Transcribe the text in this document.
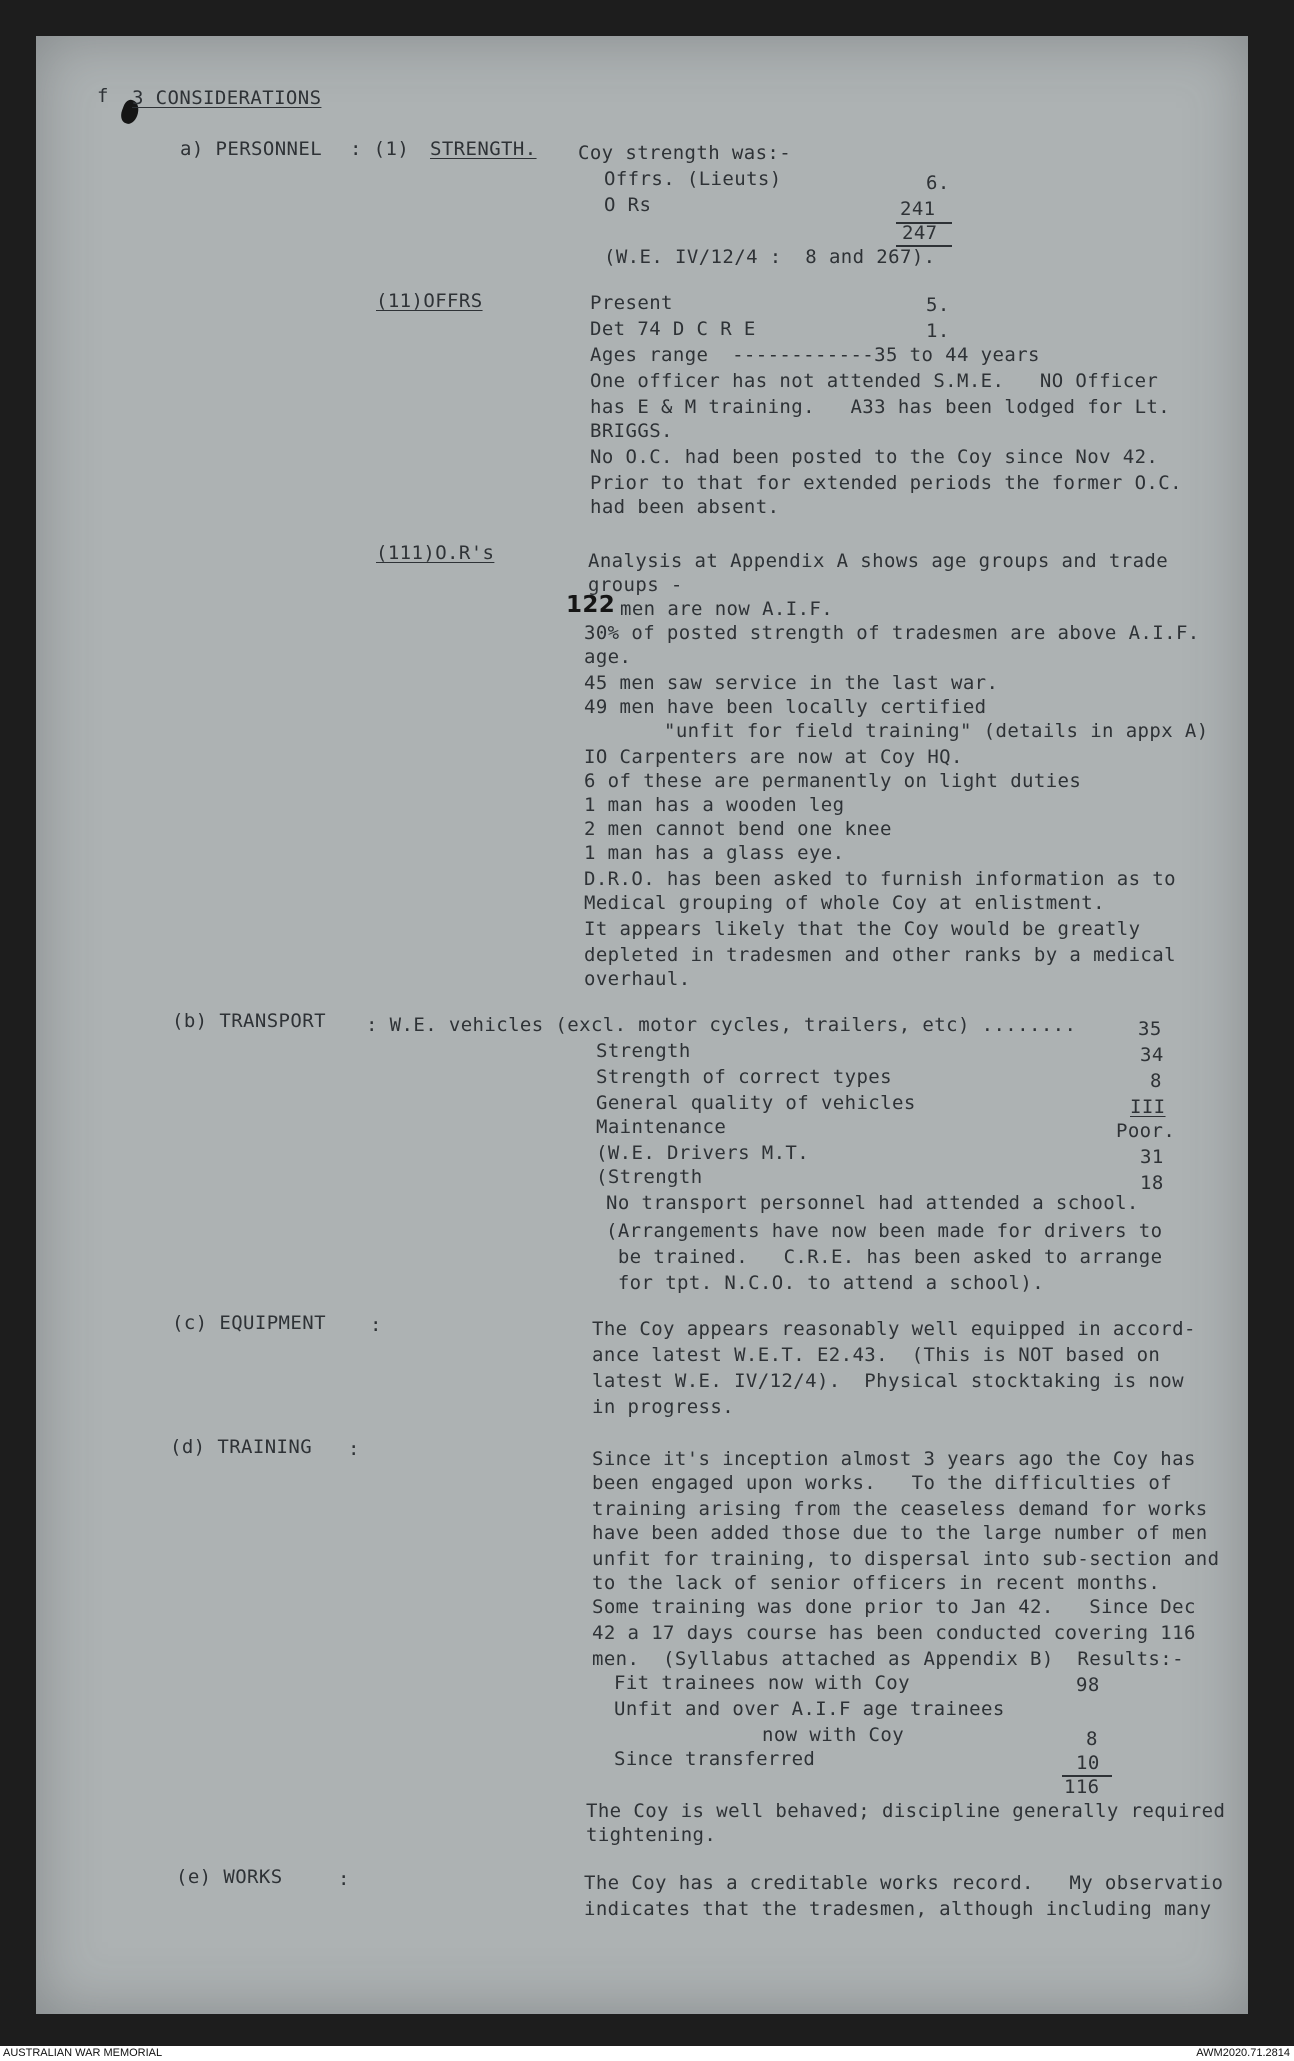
f 3 CONSIDERATIONS
a) PERSONNEL : (1) STRENGTH. Coy strength was:-
Offrs. (Lieuts)	6.
O Rs	241
247
(W.E. IV/12/4 :  8 and 267).
(11)OFFRS	Present	5.
Det 74 D C R E	1.
Ages range  ------------35 to 44 years
One officer has not attended S.M.E.   NO Officer
has E & M training.   A33 has been lodged for Lt.
BRIGGS.
No O.C. had been posted to the Coy since Nov 42.
Prior to that for extended periods the former O.C.
had been absent.
(111)O.R's	Analysis at Appendix A shows age groups and trade
groups -
122 men are now A.I.F.
30% of posted strength of tradesmen are above A.I.F.
age.
45 men saw service in the last war.
49 men have been locally certified
"unfit for field training" (details in appx A)
IO Carpenters are now at Coy HQ.
6 of these are permanently on light duties
1 man has a wooden leg
2 men cannot bend one knee
1 man has a glass eye.
D.R.O. has been asked to furnish information as to
Medical grouping of whole Coy at enlistment.
It appears likely that the Coy would be greatly
depleted in tradesmen and other ranks by a medical
overhaul.
(b) TRANSPORT : W.E. vehicles (excl. motor cycles, trailers, etc) ........	35
Strength	34
Strength of correct types	8
General quality of vehicles	III
Maintenance	Poor.
(W.E. Drivers M.T.	31
(Strength	18
No transport personnel had attended a school.
(Arrangements have now been made for drivers to
be trained.   C.R.E. has been asked to arrange
for tpt. N.C.O. to attend a school).
(c) EQUIPMENT :	The Coy appears reasonably well equipped in accord-
ance latest W.E.T. E2.43.  (This is NOT based on
latest W.E. IV/12/4).  Physical stocktaking is now
in progress.
(d) TRAINING :	Since it's inception almost 3 years ago the Coy has
been engaged upon works.   To the difficulties of
training arising from the ceaseless demand for works
have been added those due to the large number of men
unfit for training, to dispersal into sub-section and
to the lack of senior officers in recent months.
Some training was done prior to Jan 42.   Since Dec
42 a 17 days course has been conducted covering 116
men.  (Syllabus attached as Appendix B)  Results:-
Fit trainees now with Coy	98
Unfit and over A.I.F age trainees
now with Coy	8
Since transferred	10
116
The Coy is well behaved; discipline generally required
tightening.
(e) WORKS	:	The Coy has a creditable works record.   My observatio
indicates that the tradesmen, although including many
AUSTRALIAN WAR MEMORIAL	AWM2020.71.2814
